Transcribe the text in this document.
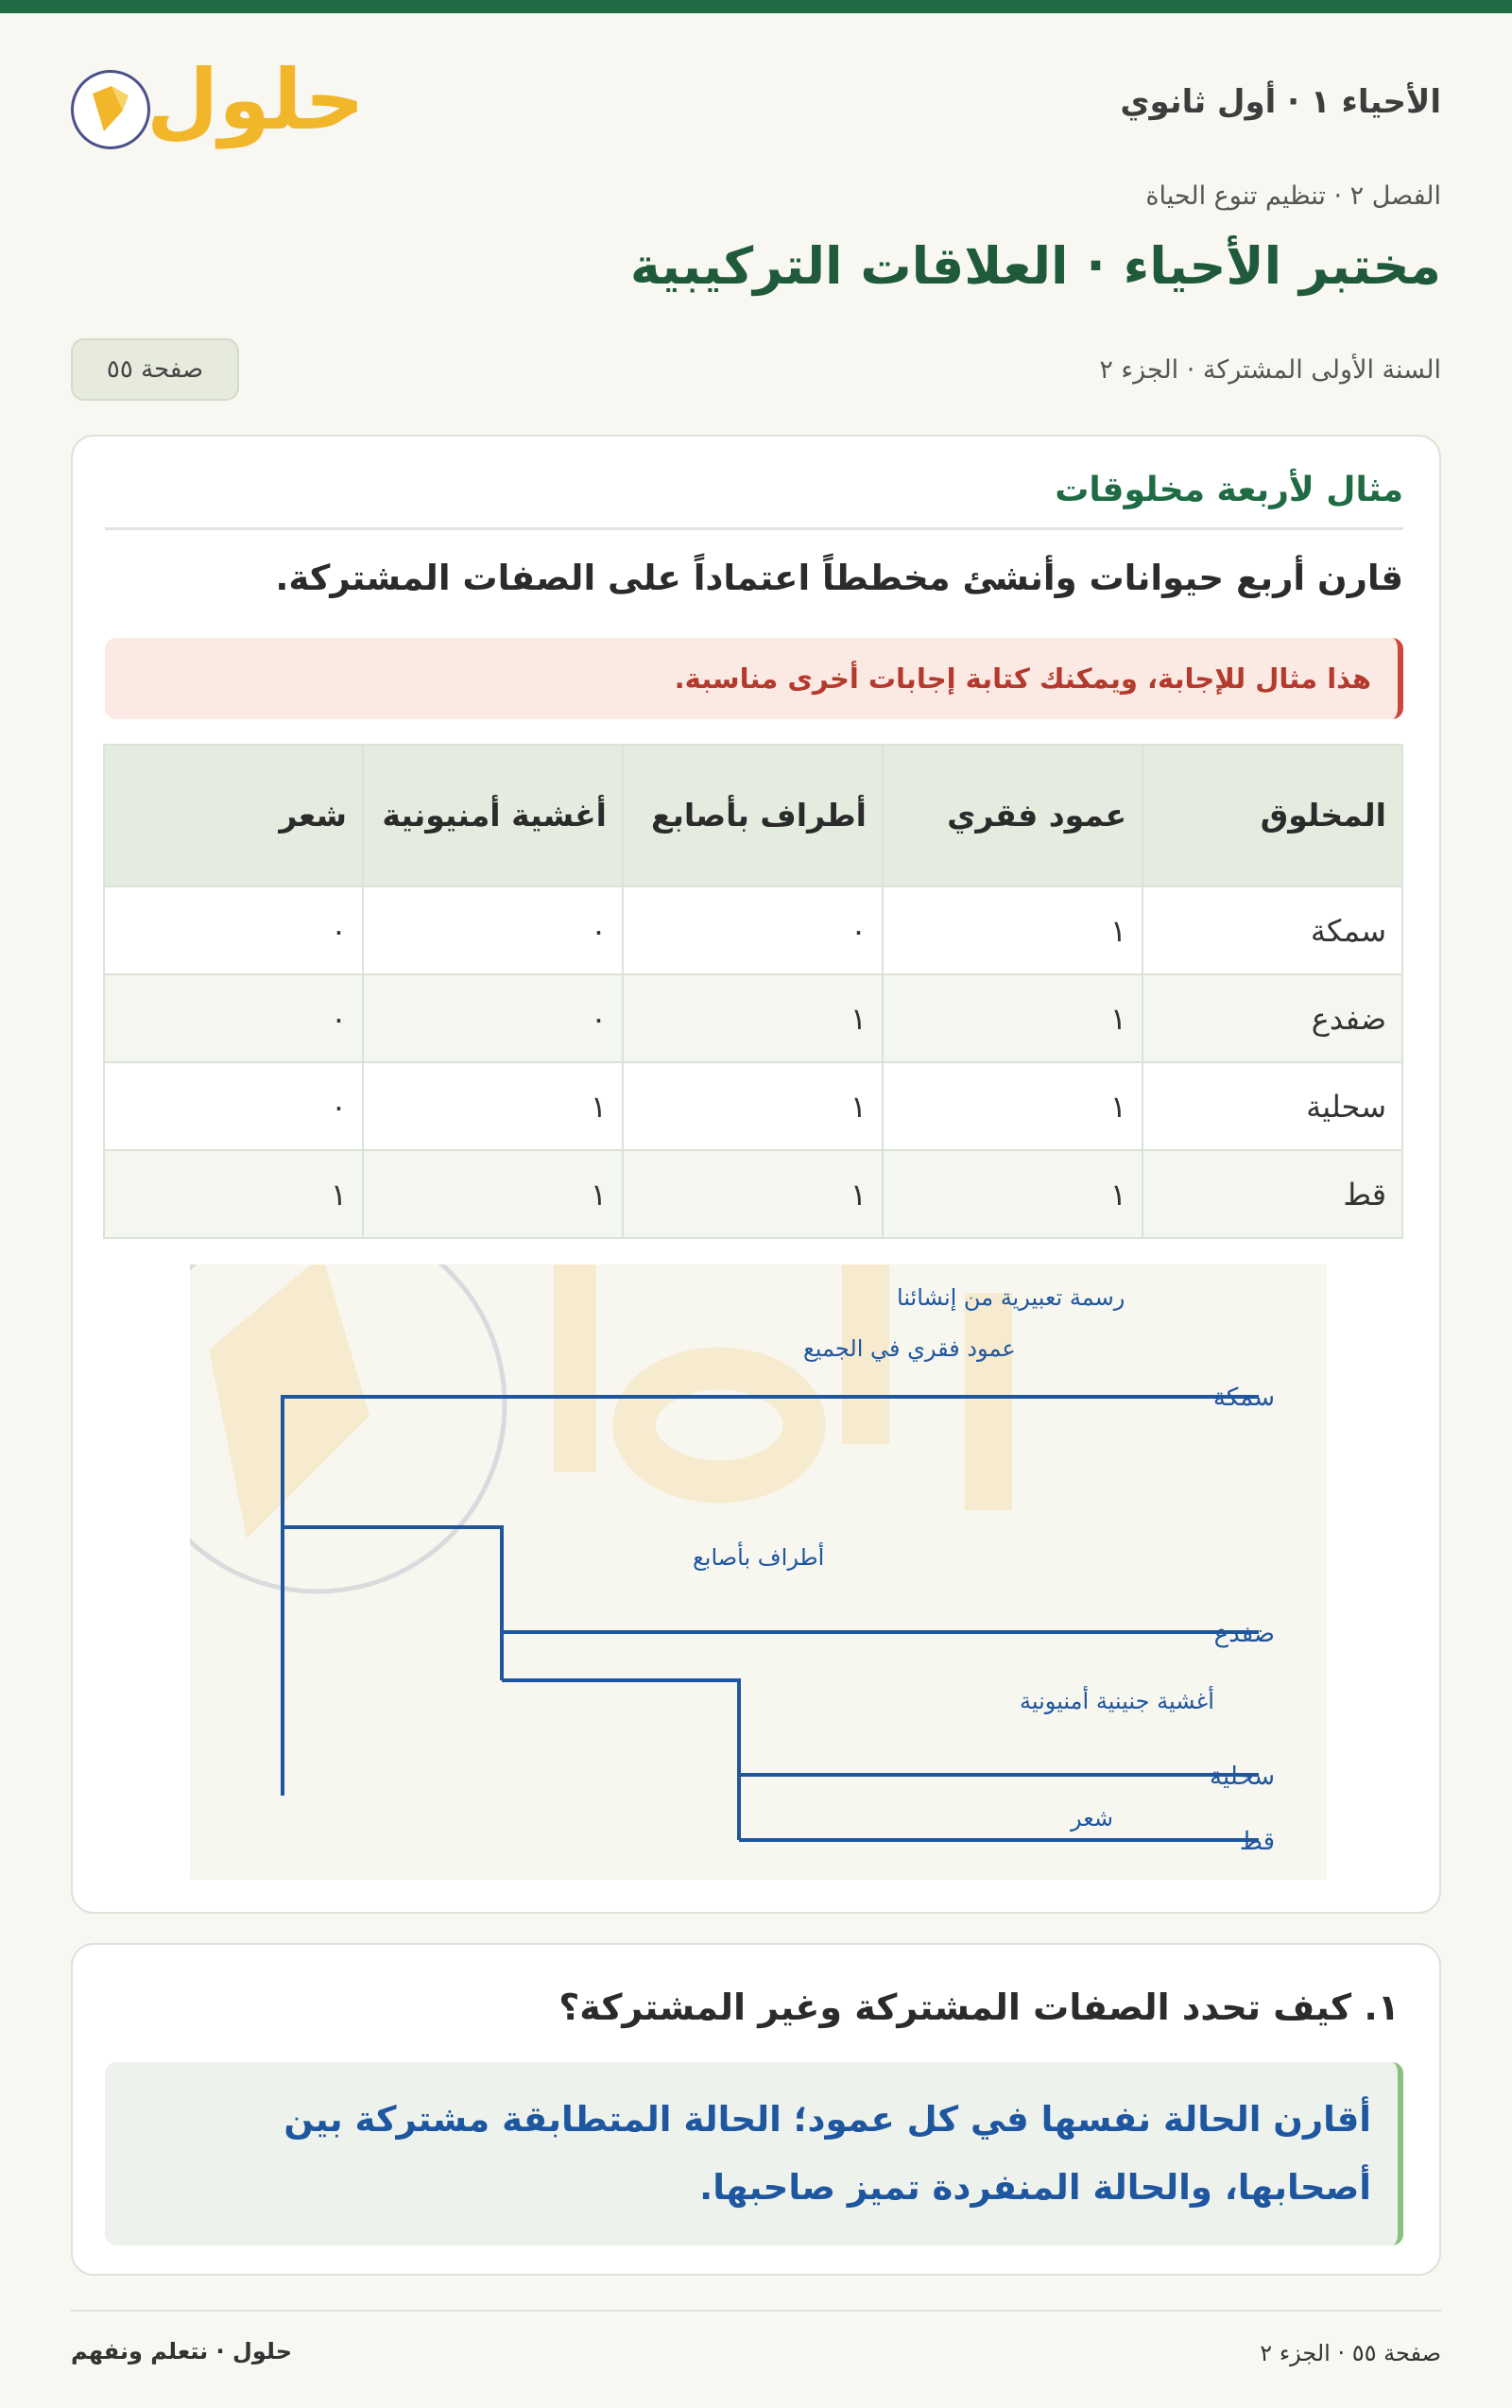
الأحياء ١ · أول ثانوي
حلول
الفصل ٢ · تنظيم تنوع الحياة
مختبر الأحياء · العلاقات التركيبية
السنة الأولى المشتركة · الجزء ٢
صفحة ٥٥
مثال لأربعة مخلوقات
قارن أربع حيوانات وأنشئ مخططاً اعتماداً على الصفات المشتركة.
هذا مثال للإجابة، ويمكنك كتابة إجابات أخرى مناسبة.
المخلوق	عمود فقري	أطراف بأصابع	أغشية أمنيونية	شعر
سمكة	١	٠	٠	٠
ضفدع	١	١	٠	٠
سحلية	١	١	١	٠
قط	١	١	١	١
رسمة تعبيرية من إنشائنا
عمود فقري في الجميع
أطراف بأصابع
أغشية جنينية أمنيونية
شعر
سمكة
ضفدع
سحلية
قط
١. كيف تحدد الصفات المشتركة وغير المشتركة؟
أقارن الحالة نفسها في كل عمود؛ الحالة المتطابقة مشتركة بين أصحابها، والحالة المنفردة تميز صاحبها.
حلول · نتعلم ونفهم	صفحة ٥٥ · الجزء ٢
